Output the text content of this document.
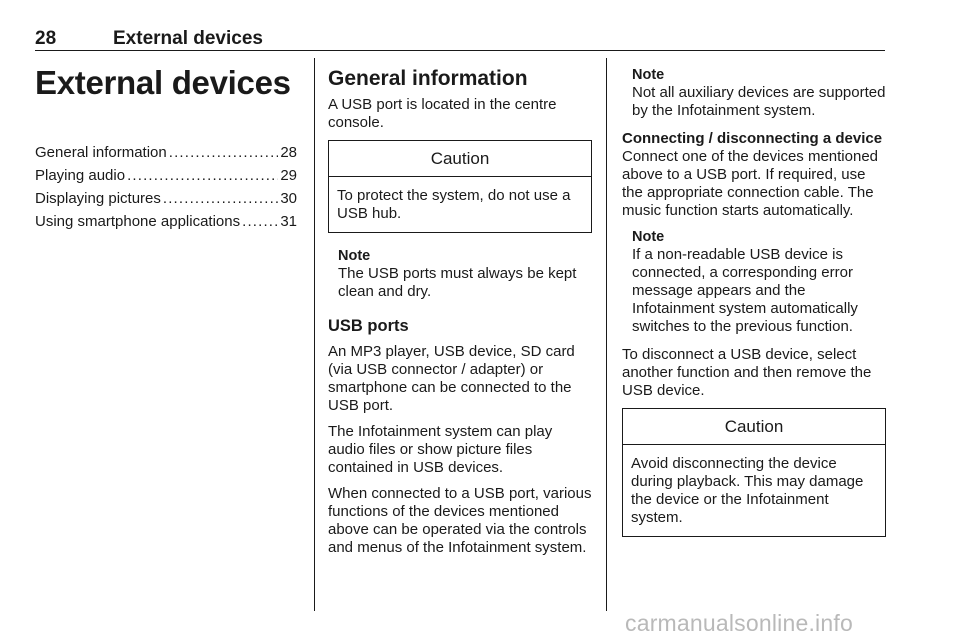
28	External devices
External devices
General information . . .	28
Playing audio . . .	29
Displaying pictures . . .	30
Using smartphone applications . . .	31
General information

A USB port is located in the centre console.

Caution
To protect the system, do not use a USB hub.
Note
The USB ports must always be kept clean and dry.
USB ports

An MP3 player, USB device, SD card (via USB connector / adapter) or smartphone can be connected to the USB port.

The Infotainment system can play audio files or show picture files contained in USB devices.

When connected to a USB port, various functions of the devices mentioned above can be operated via the controls and menus of the Infotainment system.

Note
Not all auxiliary devices are supported by the Infotainment system.
Connecting / disconnecting a device

Connect one of the devices mentioned above to a USB port. If required, use the appropriate connection cable. The music function starts automatically.

Note
If a non-readable USB device is connected, a corresponding error message appears and the Infotainment system automatically switches to the previous function.

To disconnect a USB device, select another function and then remove the USB device.

Caution
Avoid disconnecting the device during playback. This may damage the device or the Infotainment system.
carmanualsonline.info
